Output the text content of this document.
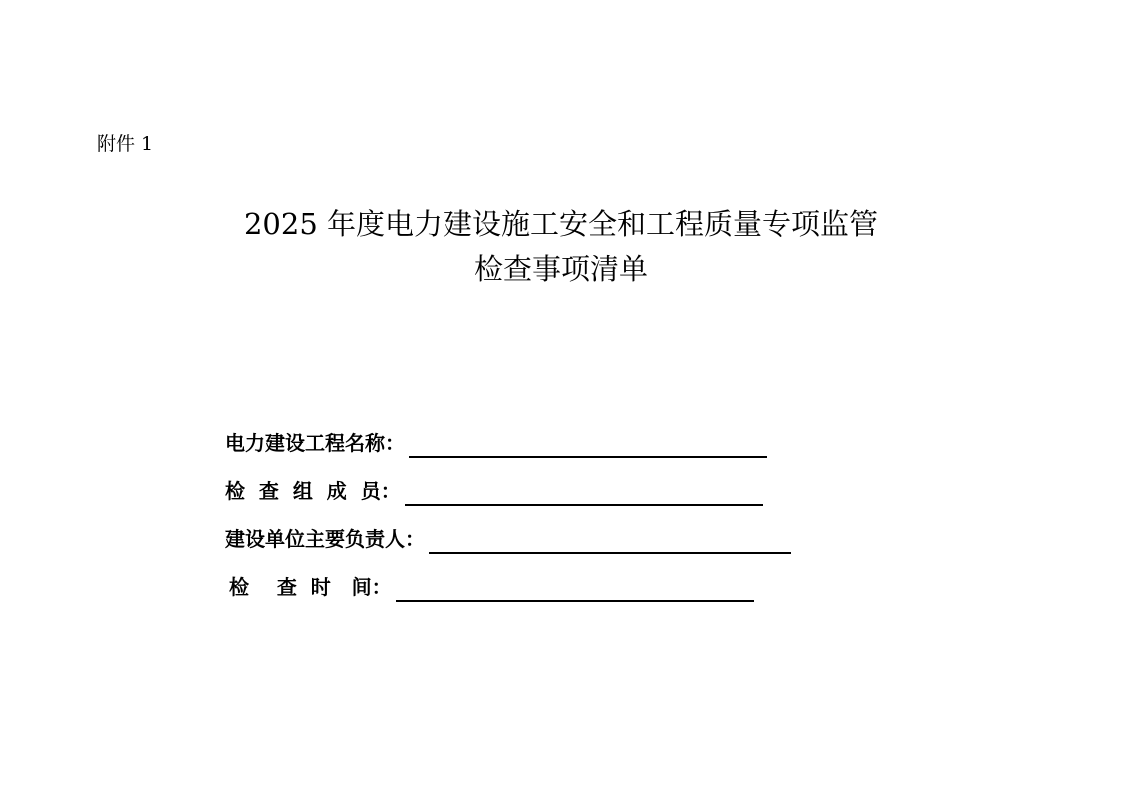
附件 1
2025 年度电力建设施工安全和工程质量专项监管
检查事项清单
电力建设工程名称：
检  查  组  成  员：
建设单位主要负责人：
检    查  时   间：
